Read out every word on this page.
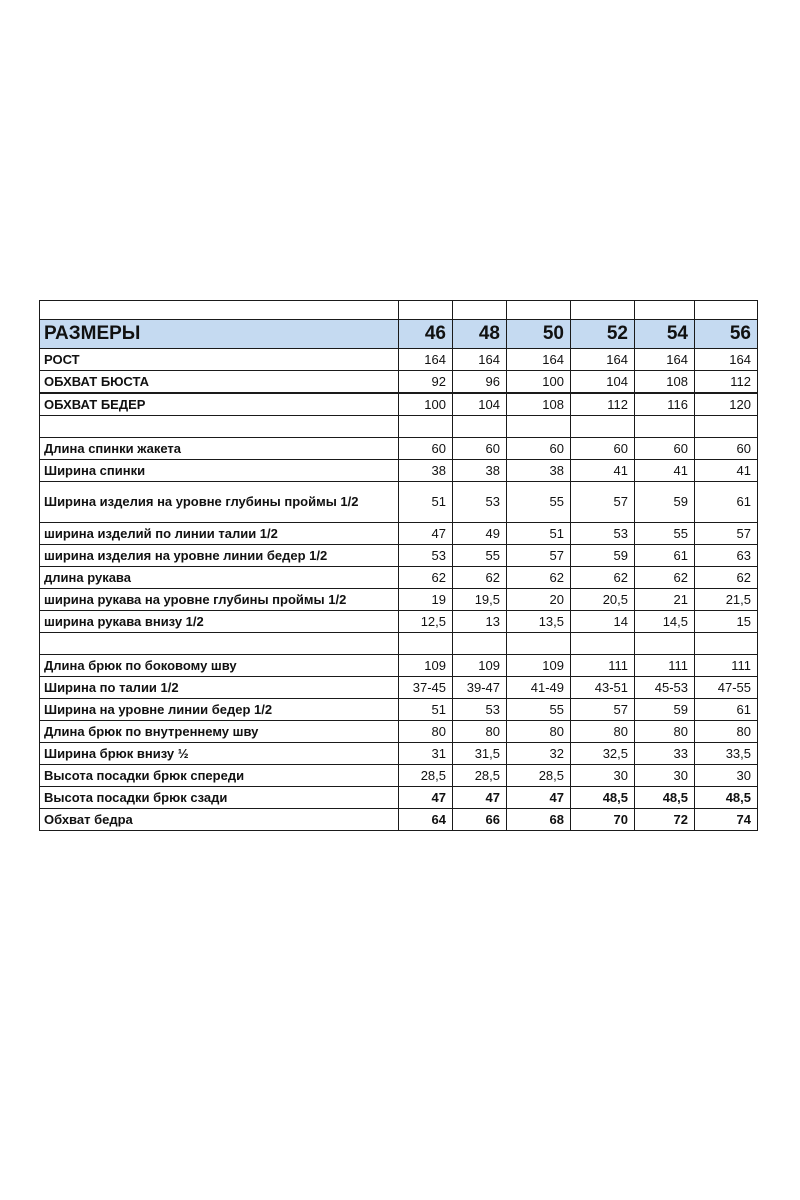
РАЗМЕРЫ	46	48	50	52	54	56
РОСТ	164	164	164	164	164	164
ОБХВАТ БЮСТА	92	96	100	104	108	112
ОБХВАТ БЕДЕР	100	104	108	112	116	120

Длина спинки жакета	60	60	60	60	60	60
Ширина спинки	38	38	38	41	41	41
Ширина изделия на уровне глубины проймы 1/2	51	53	55	57	59	61
ширина изделий по линии талии 1/2	47	49	51	53	55	57
ширина изделия на уровне линии бедер 1/2	53	55	57	59	61	63
длина рукава	62	62	62	62	62	62
ширина рукава на уровне глубины проймы 1/2	19	19,5	20	20,5	21	21,5
ширина рукава внизу 1/2	12,5	13	13,5	14	14,5	15

Длина брюк по боковому шву	109	109	109	111	111	111
Ширина по талии 1/2	37-45	39-47	41-49	43-51	45-53	47-55
Ширина на уровне линии бедер 1/2	51	53	55	57	59	61
Длина брюк по внутреннему шву	80	80	80	80	80	80
Ширина брюк внизу ½	31	31,5	32	32,5	33	33,5
Высота посадки брюк спереди	28,5	28,5	28,5	30	30	30
Высота посадки брюк сзади	47	47	47	48,5	48,5	48,5
Обхват бедра	64	66	68	70	72	74
